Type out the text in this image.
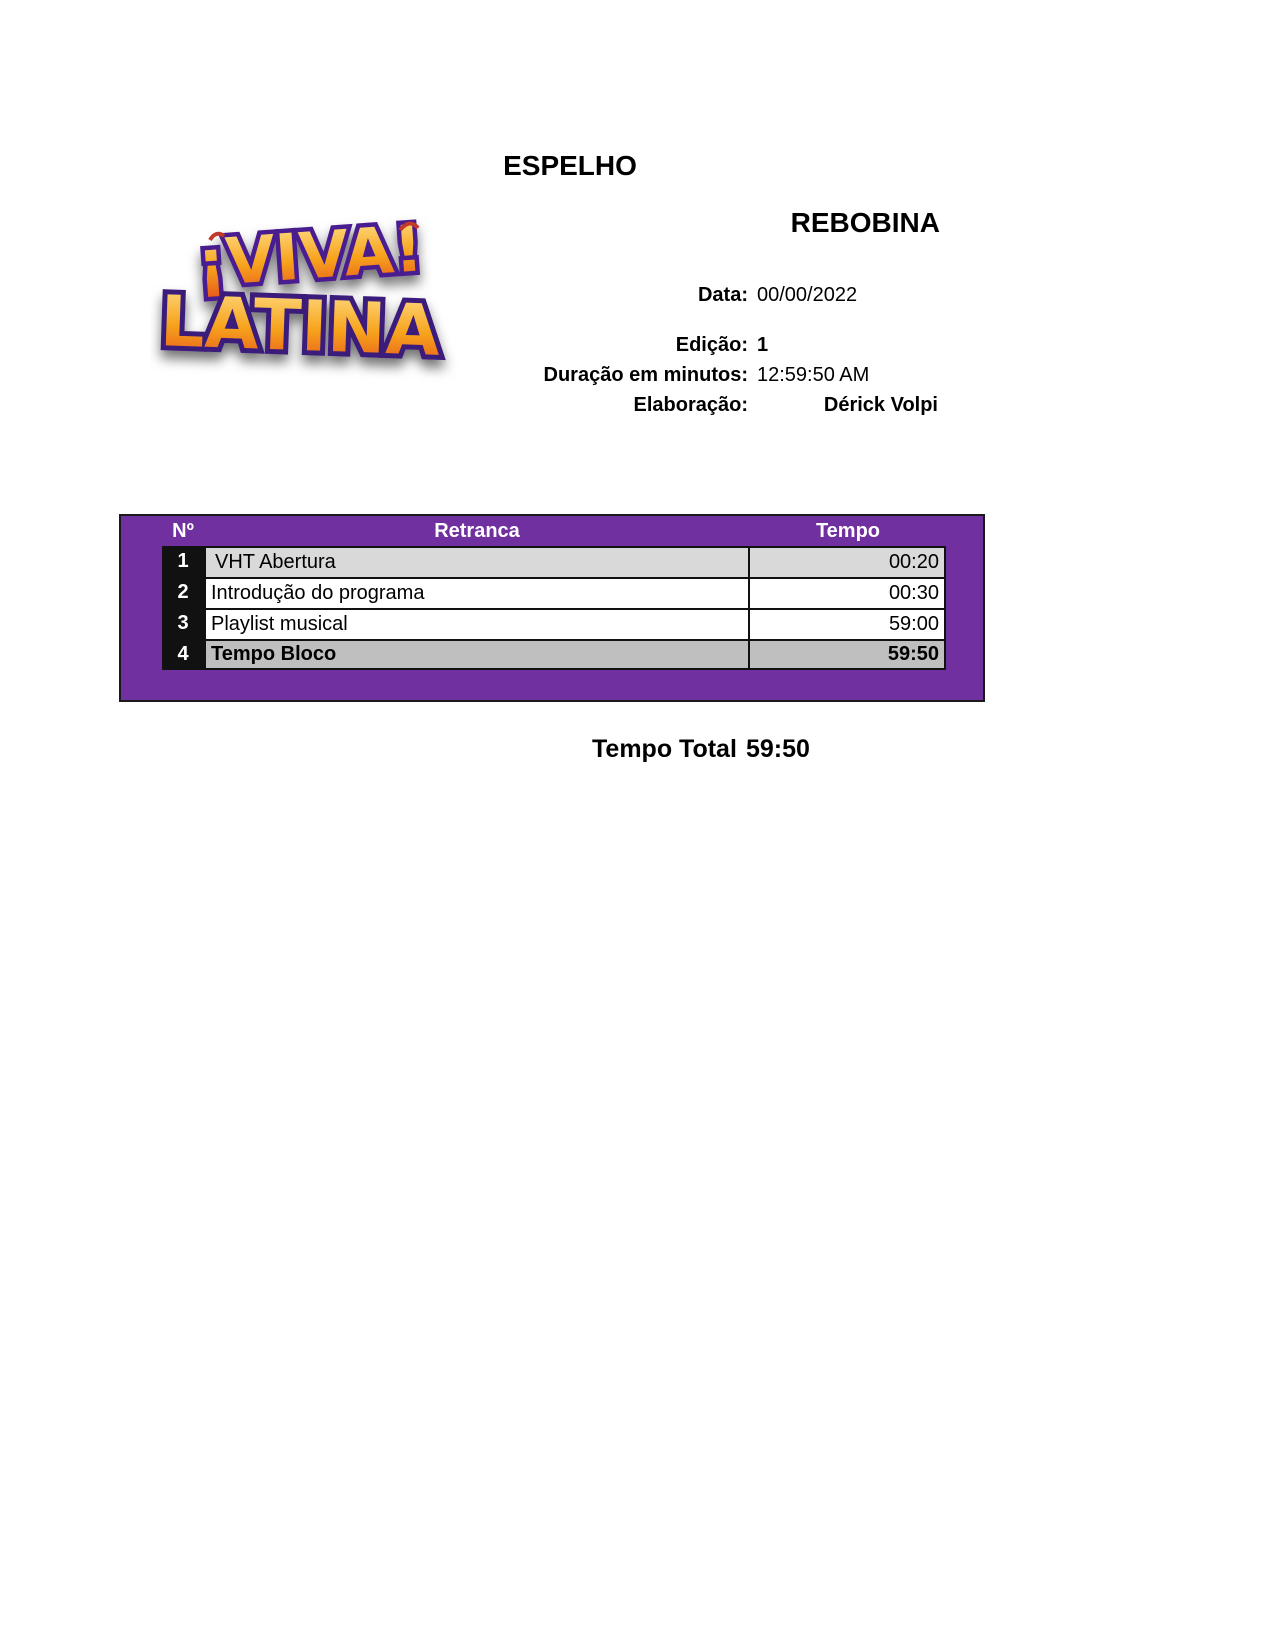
ESPELHO
¡VIVA!
LATINA
REBOBINA
Data: 00/00/2022
Edição: 1
Duração em minutos: 12:59:50 AM
Elaboração:	Dérick Volpi
Nº	Retranca	Tempo
1	VHT Abertura	00:20
2	Introdução do programa	00:30
3	Playlist musical	59:00
4	Tempo Bloco	59:50
Tempo Total 59:50
